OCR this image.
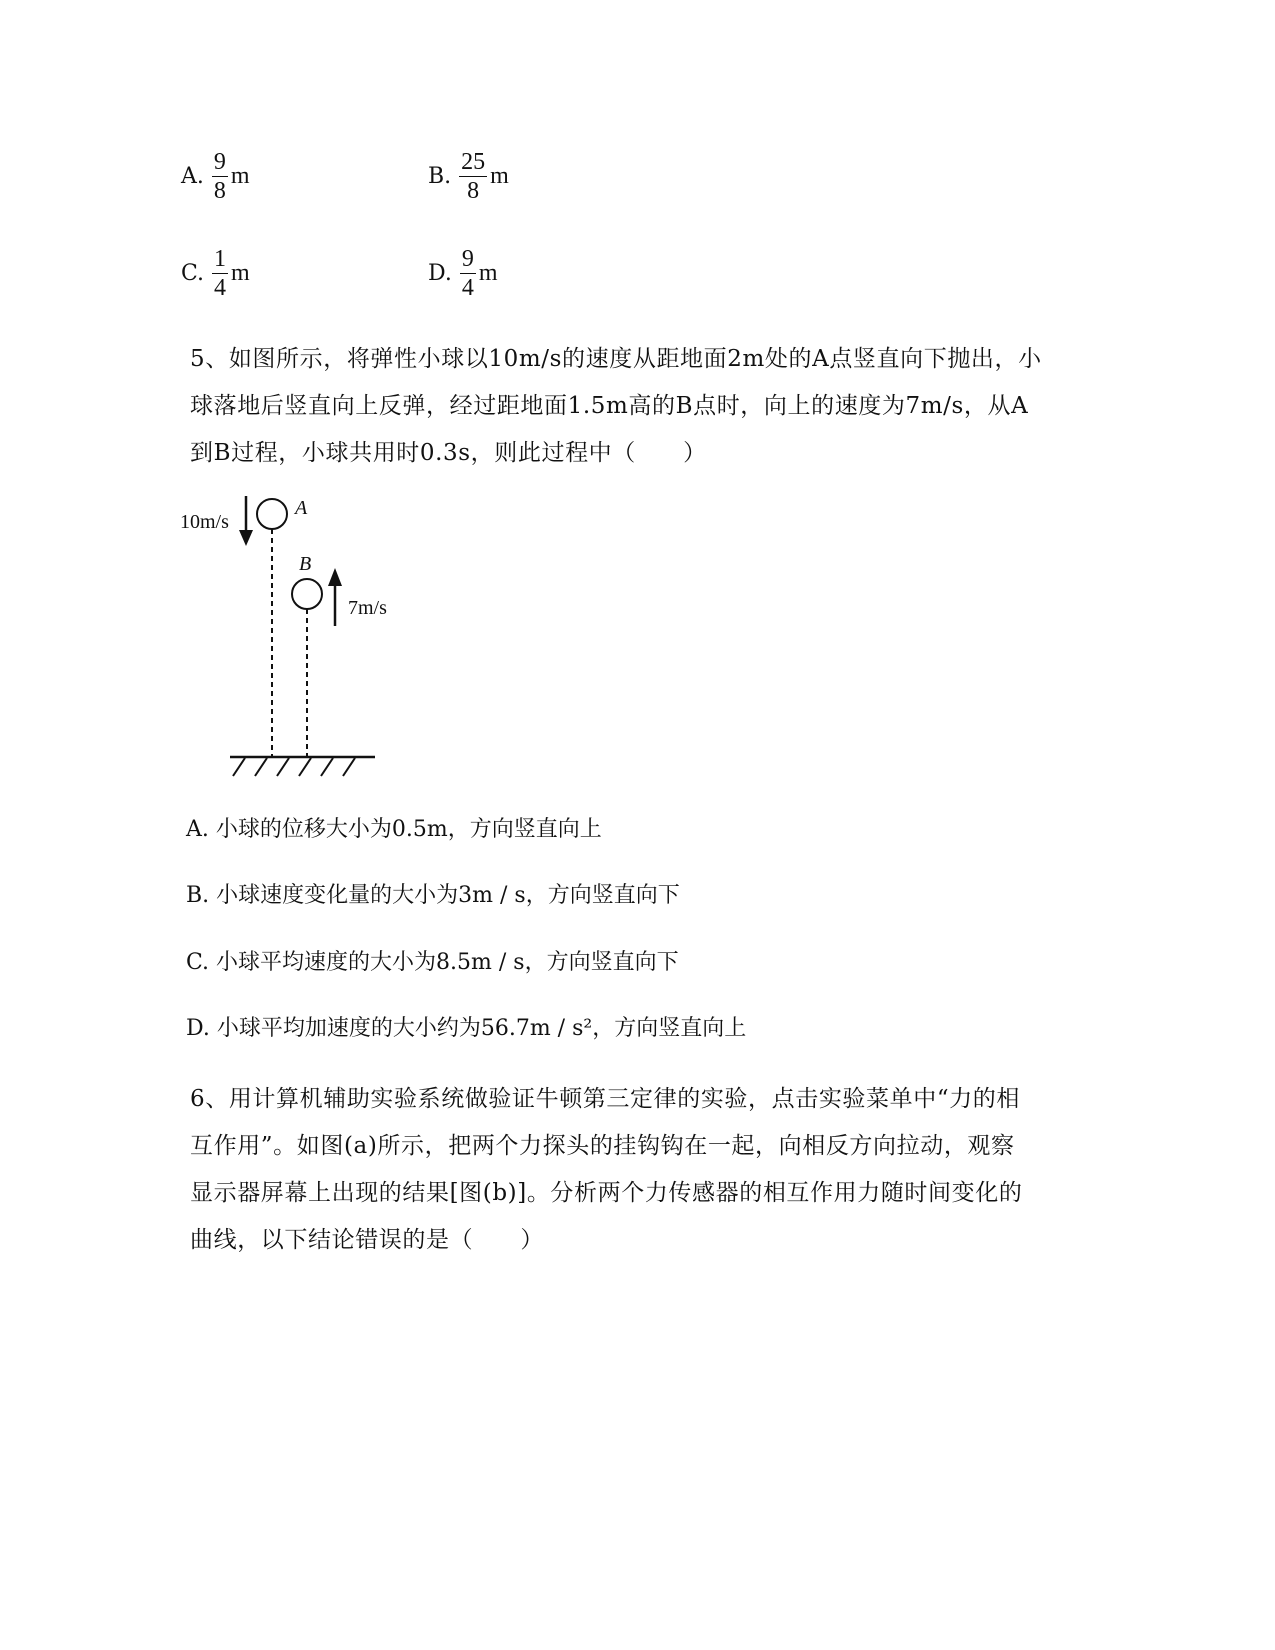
A. $\frac{9}{8}$ m	B. $\frac{25}{8}$ m
C. $\frac{1}{4}$ m	D. $\frac{9}{4}$ m

5、如图所示，将弹性小球以10m/s的速度从距地面2m处的A点竖直向下抛出，小

球落地后竖直向上反弹，经过距地面1.5m高的B点时，向上的速度为7m/s，从A

到B过程，小球共用时0.3s，则此过程中（　　）

A
10m/s
B
7m/s
A. 小球的位移大小为0.5m，方向竖直向上
B. 小球速度变化量的大小为3m / s，方向竖直向下
C. 小球平均速度的大小为8.5m / s，方向竖直向下
D. 小球平均加速度的大小约为56.7m / s²，方向竖直向上

6、用计算机辅助实验系统做验证牛顿第三定律的实验，点击实验菜单中“力的相

互作用”。如图(a)所示，把两个力探头的挂钩钩在一起，向相反方向拉动，观察

显示器屏幕上出现的结果[图(b)]。分析两个力传感器的相互作用力随时间变化的

曲线，以下结论错误的是（　　）
